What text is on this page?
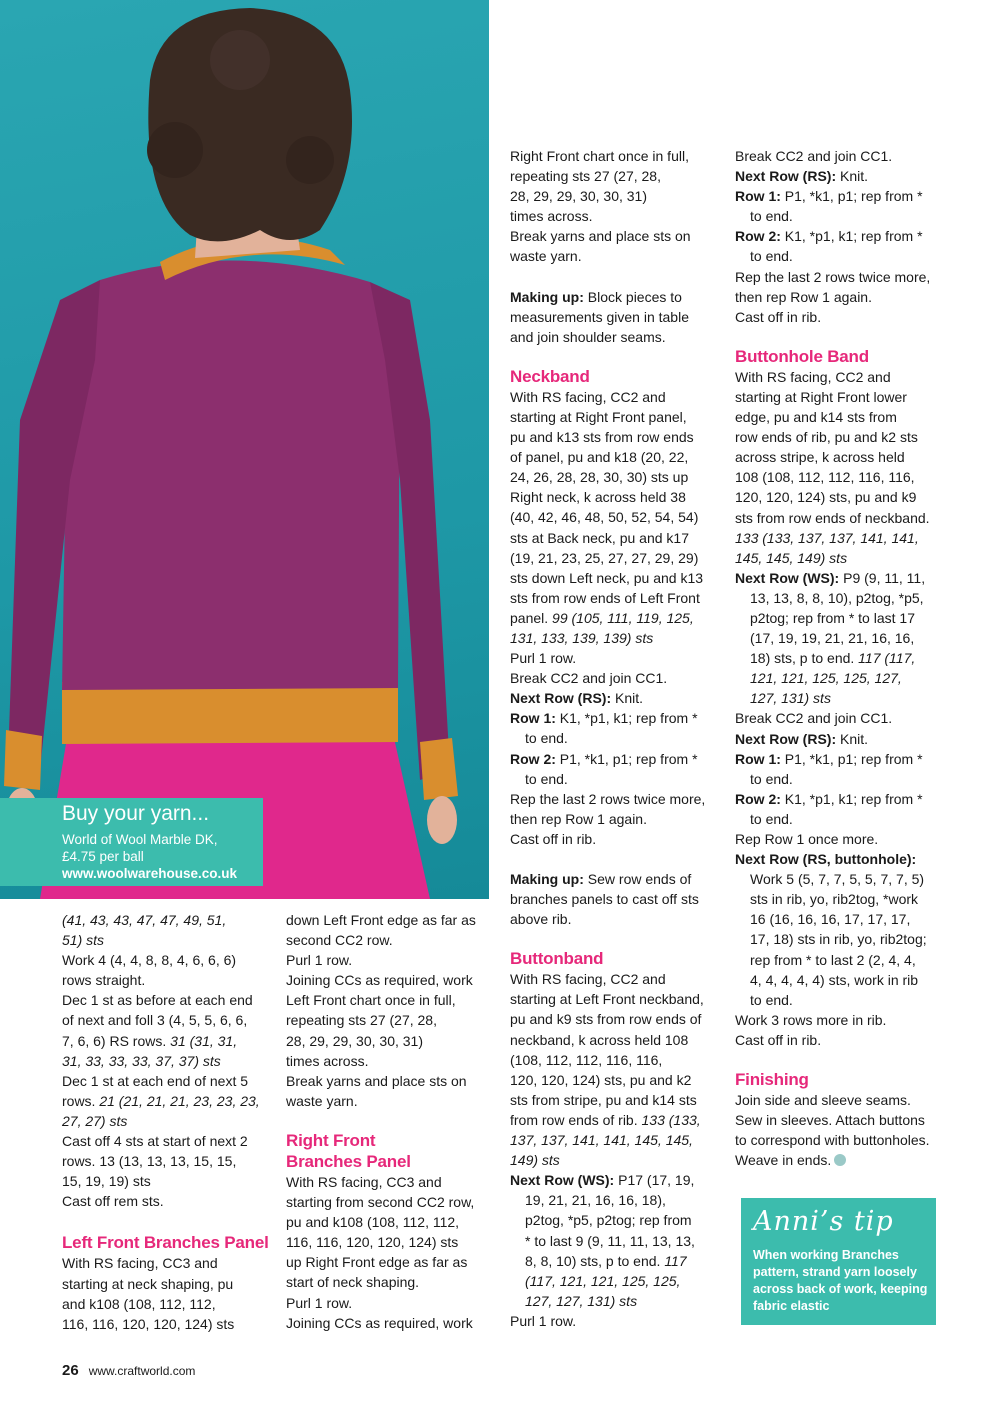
Buy your yarn...
World of Wool Marble DK,
£4.75 per ball
www.woolwarehouse.co.uk

(41, 43, 43, 47, 47, 49, 51,

51) sts

Work 4 (4, 4, 8, 8, 4, 6, 6, 6)

rows straight.

Dec 1 st as before at each end

of next and foll 3 (4, 5, 5, 6, 6,

7, 6, 6) RS rows. 31 (31, 31,

31, 33, 33, 33, 37, 37) sts

Dec 1 st at each end of next 5

rows. 21 (21, 21, 21, 23, 23, 23,

27, 27) sts

Cast off 4 sts at start of next 2

rows. 13 (13, 13, 13, 15, 15,

15, 19, 19) sts

Cast off rem sts.

Left Front Branches Panel

With RS facing, CC3 and

starting at neck shaping, pu

and k108 (108, 112, 112,

116, 116, 120, 120, 124) sts

down Left Front edge as far as

second CC2 row.

Purl 1 row.

Joining CCs as required, work

Left Front chart once in full,

repeating sts 27 (27, 28,

28, 29, 29, 30, 30, 31)

times across.

Break yarns and place sts on

waste yarn.

Right Front
Branches Panel

With RS facing, CC3 and

starting from second CC2 row,

pu and k108 (108, 112, 112,

116, 116, 120, 120, 124) sts

up Right Front edge as far as

start of neck shaping.

Purl 1 row.

Joining CCs as required, work

Right Front chart once in full,

repeating sts 27 (27, 28,

28, 29, 29, 30, 30, 31)

times across.

Break yarns and place sts on

waste yarn.

Making up: Block pieces to

measurements given in table

and join shoulder seams.

Neckband

With RS facing, CC2 and

starting at Right Front panel,

pu and k13 sts from row ends

of panel, pu and k18 (20, 22,

24, 26, 28, 28, 30, 30) sts up

Right neck, k across held 38

(40, 42, 46, 48, 50, 52, 54, 54)

sts at Back neck, pu and k17

(19, 21, 23, 25, 27, 27, 29, 29)

sts down Left neck, pu and k13

sts from row ends of Left Front

panel. 99 (105, 111, 119, 125,

131, 133, 139, 139) sts

Purl 1 row.

Break CC2 and join CC1.

Next Row (RS): Knit.

Row 1: K1, *p1, k1; rep from *

to end.

Row 2: P1, *k1, p1; rep from *

to end.

Rep the last 2 rows twice more,

then rep Row 1 again.

Cast off in rib.

Making up: Sew row ends of

branches panels to cast off sts

above rib.

Buttonband

With RS facing, CC2 and

starting at Left Front neckband,

pu and k9 sts from row ends of

neckband, k across held 108

(108, 112, 112, 116, 116,

120, 120, 124) sts, pu and k2

sts from stripe, pu and k14 sts

from row ends of rib. 133 (133,

137, 137, 141, 141, 145, 145,

149) sts

Next Row (WS): P17 (17, 19,

19, 21, 21, 16, 16, 18),

p2tog, *p5, p2tog; rep from

* to last 9 (9, 11, 11, 13, 13,

8, 8, 10) sts, p to end. 117

(117, 121, 121, 125, 125,

127, 127, 131) sts

Purl 1 row.

Break CC2 and join CC1.

Next Row (RS): Knit.

Row 1: P1, *k1, p1; rep from *

to end.

Row 2: K1, *p1, k1; rep from *

to end.

Rep the last 2 rows twice more,

then rep Row 1 again.

Cast off in rib.

Buttonhole Band

With RS facing, CC2 and

starting at Right Front lower

edge, pu and k14 sts from

row ends of rib, pu and k2 sts

across stripe, k across held

108 (108, 112, 112, 116, 116,

120, 120, 124) sts, pu and k9

sts from row ends of neckband.

133 (133, 137, 137, 141, 141,

145, 145, 149) sts

Next Row (WS): P9 (9, 11, 11,

13, 13, 8, 8, 10), p2tog, *p5,

p2tog; rep from * to last 17

(17, 19, 19, 21, 21, 16, 16,

18) sts, p to end. 117 (117,

121, 121, 125, 125, 127,

127, 131) sts

Break CC2 and join CC1.

Next Row (RS): Knit.

Row 1: P1, *k1, p1; rep from *

to end.

Row 2: K1, *p1, k1; rep from *

to end.

Rep Row 1 once more.

Next Row (RS, buttonhole):

Work 5 (5, 7, 7, 5, 5, 7, 7, 5)

sts in rib, yo, rib2tog, *work

16 (16, 16, 16, 17, 17, 17,

17, 18) sts in rib, yo, rib2tog;

rep from * to last 2 (2, 4, 4,

4, 4, 4, 4, 4) sts, work in rib

to end.

Work 3 rows more in rib.

Cast off in rib.

Finishing

Join side and sleeve seams.

Sew in sleeves. Attach buttons

to correspond with buttonholes.

Weave in ends.

Anni’s tip
When working Branches pattern, strand yarn loosely across back of work, keeping fabric elastic
26 www.craftworld.com
